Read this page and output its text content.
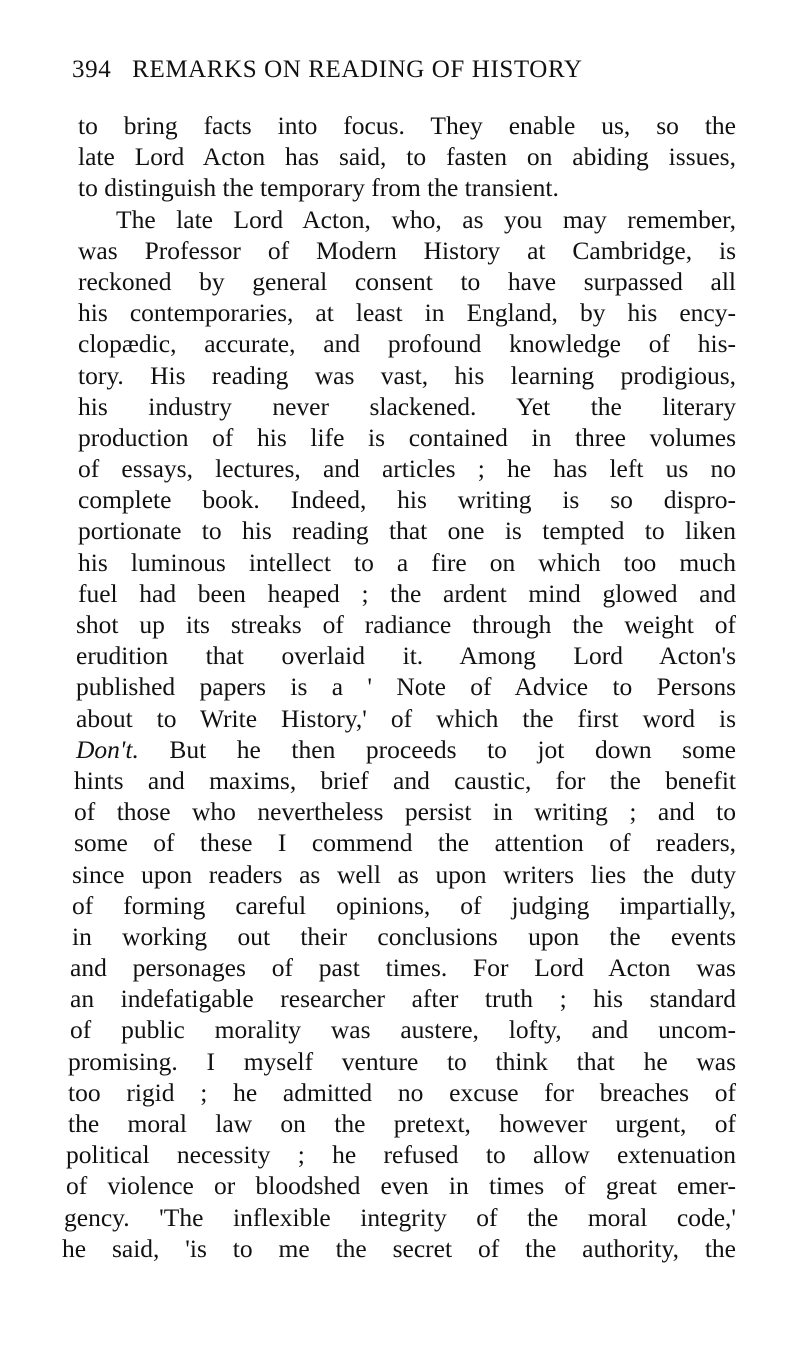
394 REMARKS ON READING OF HISTORY
to bring facts into focus. They enable us, so the
late Lord Acton has said, to fasten on abiding issues,
to distinguish the temporary from the transient.
The late Lord Acton, who, as you may remember,
was Professor of Modern History at Cambridge, is
reckoned by general consent to have surpassed all
his contemporaries, at least in England, by his ency-
clopædic, accurate, and profound knowledge of his-
tory. His reading was vast, his learning prodigious,
his industry never slackened. Yet the literary
production of his life is contained in three volumes
of essays, lectures, and articles ; he has left us no
complete book. Indeed, his writing is so dispro-
portionate to his reading that one is tempted to liken
his luminous intellect to a fire on which too much
fuel had been heaped ; the ardent mind glowed and
shot up its streaks of radiance through the weight of
erudition that overlaid it. Among Lord Acton's
published papers is a ' Note of Advice to Persons
about to Write History,' of which the first word is
Don't. But he then proceeds to jot down some
hints and maxims, brief and caustic, for the benefit
of those who nevertheless persist in writing ; and to
some of these I commend the attention of readers,
since upon readers as well as upon writers lies the duty
of forming careful opinions, of judging impartially,
in working out their conclusions upon the events
and personages of past times. For Lord Acton was
an indefatigable researcher after truth ; his standard
of public morality was austere, lofty, and uncom-
promising. I myself venture to think that he was
too rigid ; he admitted no excuse for breaches of
the moral law on the pretext, however urgent, of
political necessity ; he refused to allow extenuation
of violence or bloodshed even in times of great emer-
gency. 'The inflexible integrity of the moral code,'
he said, 'is to me the secret of the authority, the
